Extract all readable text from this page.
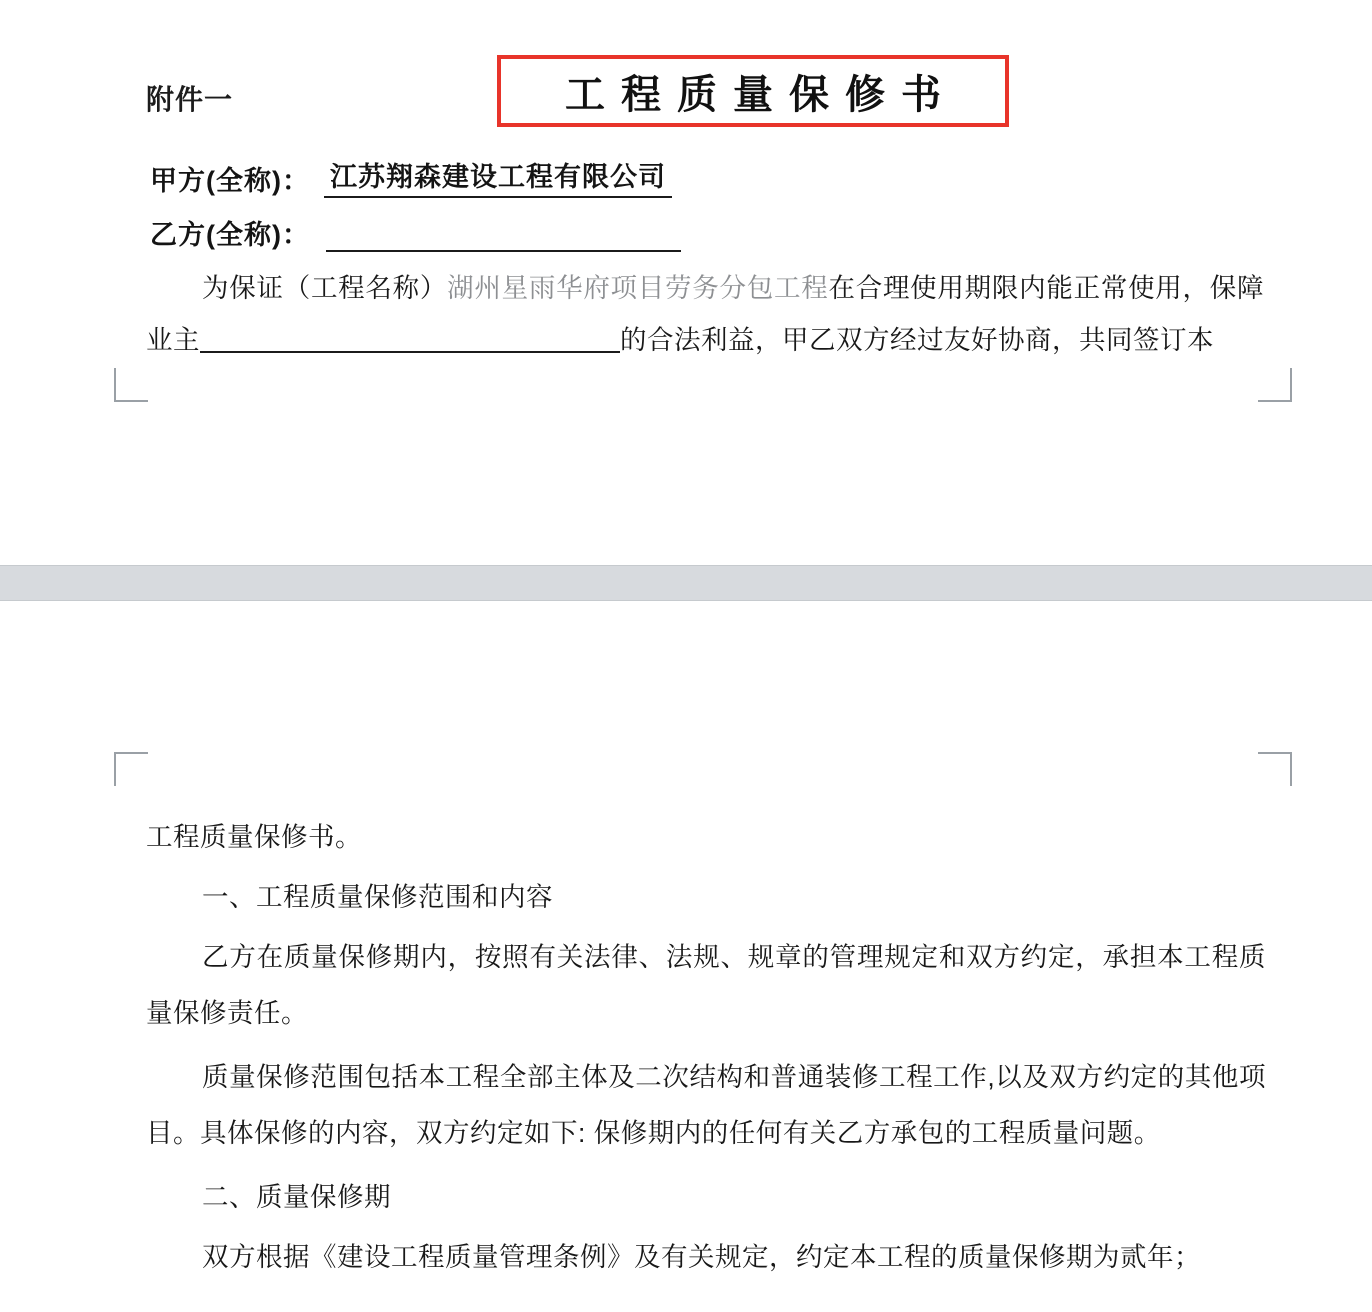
工程质量保修书
附件一
甲方(全称)： 江苏翔森建设工程有限公司
乙方(全称)：
为保证（工程名称）湖州星雨华府项目劳务分包工程在合理使用期限内能正常使用，保障业主	的合法利益，甲乙双方经过友好协商，共同签订本
工程质量保修书。
一、工程质量保修范围和内容
乙方在质量保修期内，按照有关法律、法规、规章的管理规定和双方约定，承担本工程质量保修责任。
质量保修范围包括本工程全部主体及二次结构和普通装修工程工作,以及双方约定的其他项目。具体保修的内容，双方约定如下: 保修期内的任何有关乙方承包的工程质量问题。
二、质量保修期
双方根据《建设工程质量管理条例》及有关规定，约定本工程的质量保修期为贰年；
